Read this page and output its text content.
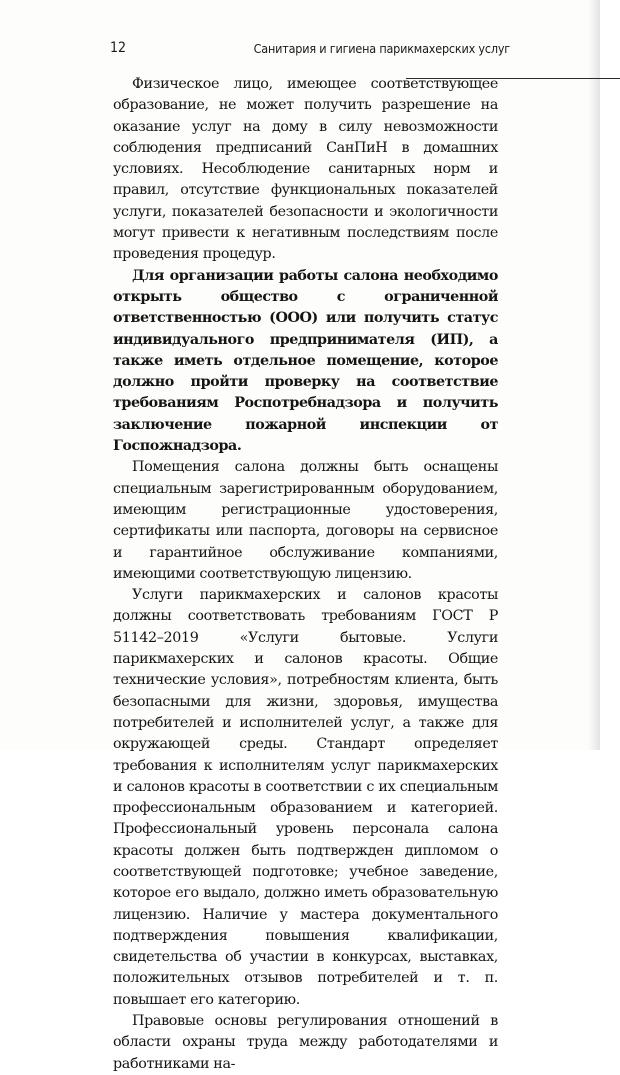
12	Санитария и гигиена парикмахерских услуг

Физическое лицо, имеющее соответствующее образование, не может получить разрешение на оказание услуг на дому в силу невозможности соблюдения предписаний СанПиН в домашних условиях. Несоблюдение санитарных норм и правил, отсутствие функциональных показателей услуги, показателей безопасности и экологичности могут привести к негативным последствиям после проведения процедур.

Для организации работы салона необходимо открыть общество с ограниченной ответственностью (ООО) или получить статус индивидуального предпринимателя (ИП), а также иметь отдельное помещение, которое должно пройти проверку на соответствие требованиям Роспотребнадзора и получить заключение пожарной инспекции от Госпожнадзора.

Помещения салона должны быть оснащены специальным зарегистрированным оборудованием, имеющим регистрационные удостоверения, сертификаты или паспорта, договоры на сервисное и гарантийное обслуживание компаниями, имеющими соответствующую лицензию.

Услуги парикмахерских и салонов красоты должны соответствовать требованиям ГОСТ Р 51142–2019 «Услуги бытовые. Услуги парикмахерских и салонов красоты. Общие технические условия», потребностям клиента, быть безопасными для жизни, здоровья, имущества потребителей и исполнителей услуг, а также для окружающей среды. Стандарт определяет требования к исполнителям услуг парикмахерских и салонов красоты в соответствии с их специальным профессиональным образованием и категорией. Профессиональный уровень персонала салона красоты должен быть подтвержден дипломом о соответствующей подготовке; учебное заведение, которое его выдало, должно иметь образовательную лицензию. Наличие у мастера документального подтверждения повышения квалификации, свидетельства об участии в конкурсах, выставках, положительных отзывов потребителей и т. п. повышает его категорию.

Правовые основы регулирования отношений в области охраны труда между работодателями и работниками на-
